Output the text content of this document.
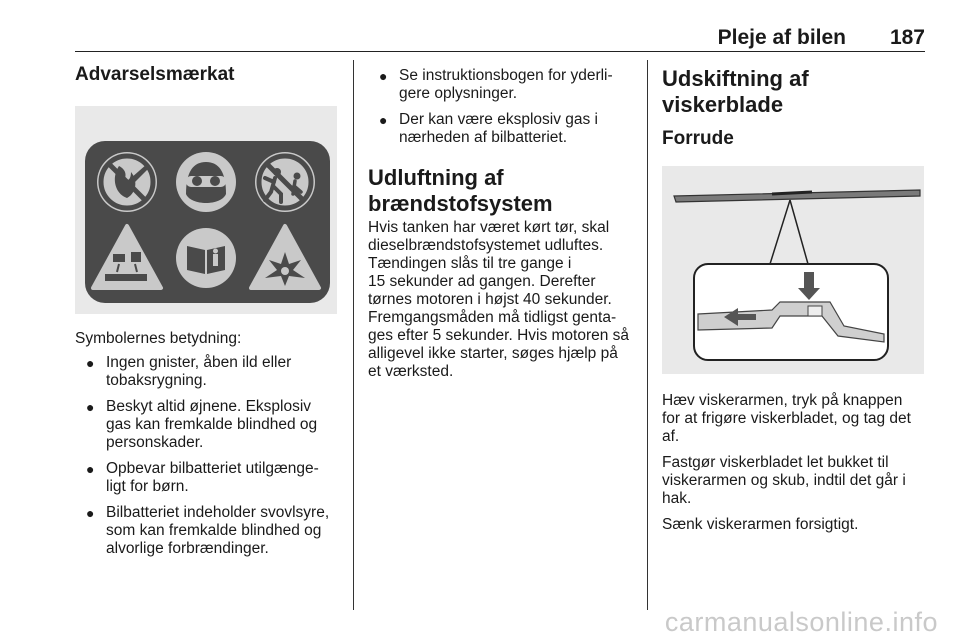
Pleje af bilen 187
Advarselsmærkat

Symbolernes betydning:

● Ingen gnister, åben ild eller
tobaksrygning.
● Beskyt altid øjnene. Eksplosiv
gas kan fremkalde blindhed og
personskader.
● Opbevar bilbatteriet utilgænge-
ligt for børn.
● Bilbatteriet indeholder svovlsyre,
som kan fremkalde blindhed og
alvorlige forbrændinger.
● Se instruktionsbogen for yderli-
gere oplysninger.
● Der kan være eksplosiv gas i
nærheden af bilbatteriet.
Udluftning af
brændstofsystem

Hvis tanken har været kørt tør, skal
dieselbrændstofsystemet udluftes.
Tændingen slås til tre gange i
15 sekunder ad gangen. Derefter
tørnes motoren i højst 40 sekunder.
Fremgangsmåden må tidligst genta-
ges efter 5 sekunder. Hvis motoren så
alligevel ikke starter, søges hjælp på
et værksted.

Udskiftning af viskerblade
Forrude

Hæv viskerarmen, tryk på knappen
for at frigøre viskerbladet, og tag det
af.

Fastgør viskerbladet let bukket til
viskerarmen og skub, indtil det går i
hak.

Sænk viskerarmen forsigtigt.

carmanualsonline.info
